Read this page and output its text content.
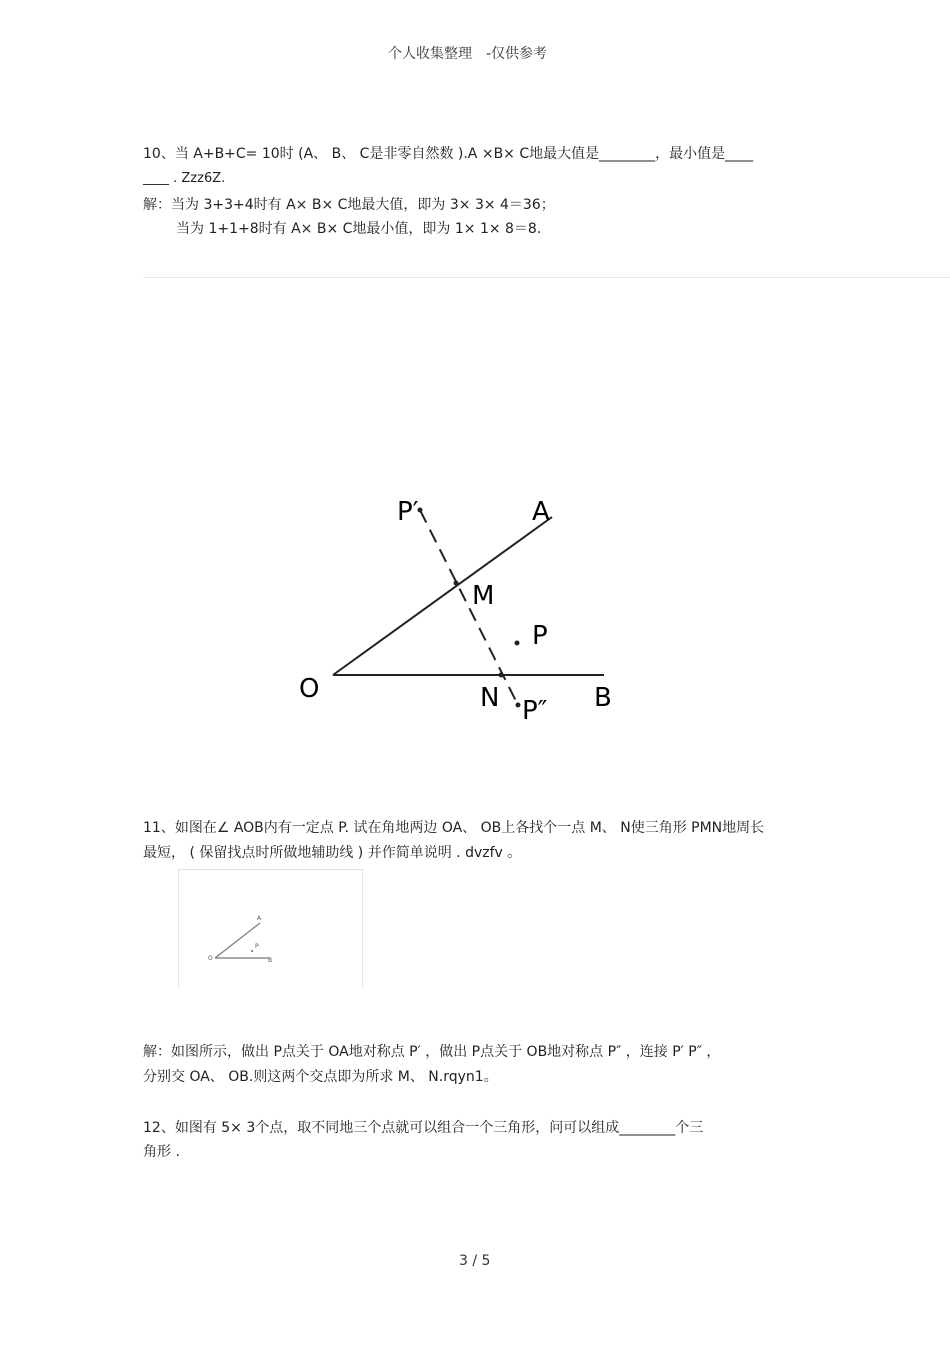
个人收集整理　-仅供参考
10、当 A+B+C= 10时 (A、 B、 C是非零自然数 ).A ×B× C地最大值是________，最小值是____
____ . Zzz6Z.
解：当为 3+3+4时有 A× B× C地最大值，即为 3× 3× 4＝36；
当为 1+1+8时有 A× B× C地最小值，即为 1× 1× 8＝8.
P′	A
M
P
O	N P″ B
11、如图在∠ AOB内有一定点 P. 试在角地两边 OA、 OB上各找个一点 M、 N使三角形 PMN地周长
最短， ( 保留找点时所做地辅助线 ) 并作简单说明 . dvzfv 。
A
P
O	B
解：如图所示，做出 P点关于 OA地对称点 P′ ，做出 P点关于 OB地对称点 P″ ，连接 P′ P″ ，
分别交 OA、 OB.则这两个交点即为所求 M、 N.rqyn1。
12、如图有 5× 3个点，取不同地三个点就可以组合一个三角形，问可以组成________个三
角形 .
3 / 5
